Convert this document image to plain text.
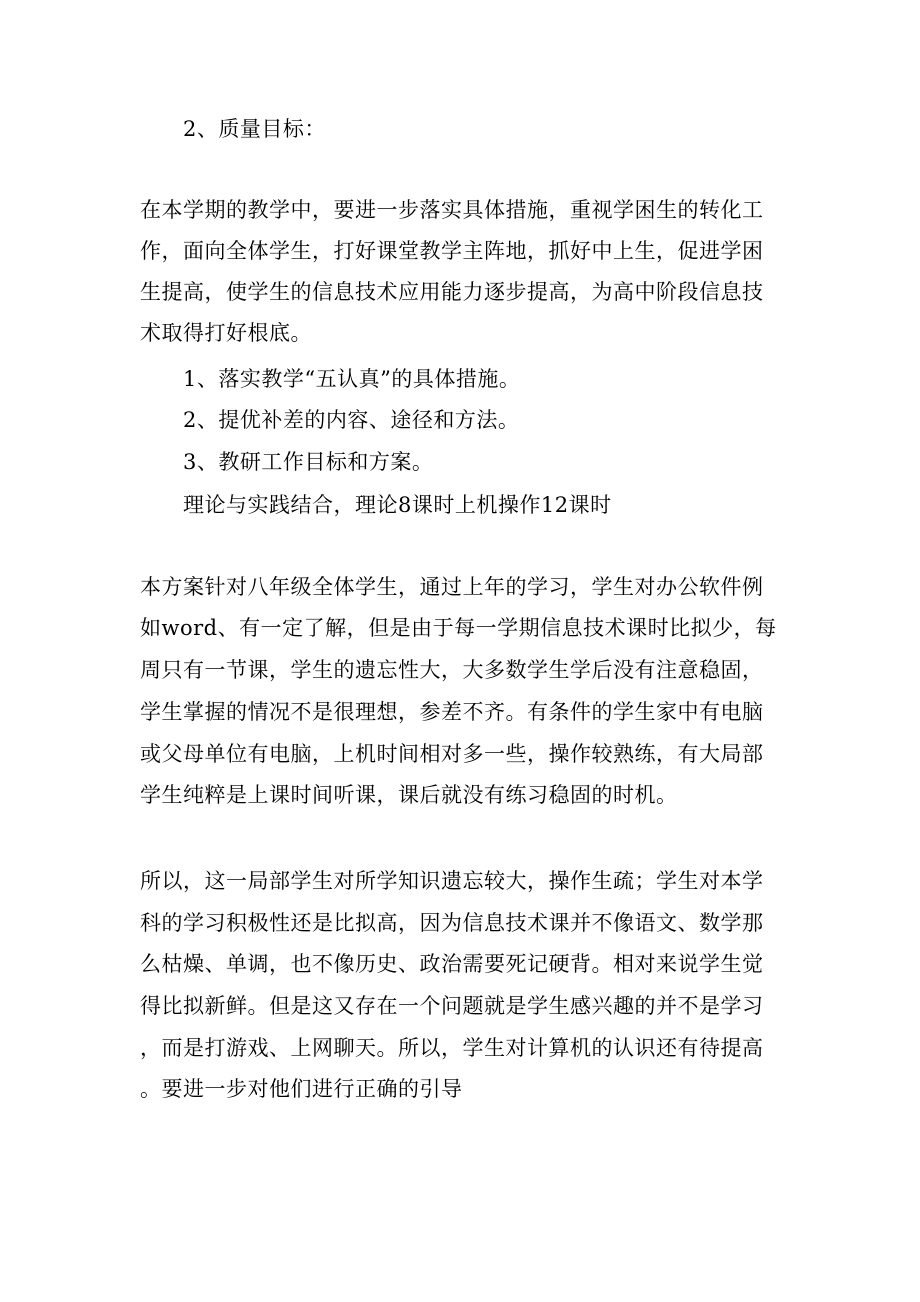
2、质量目标：
在本学期的教学中，要进一步落实具体措施，重视学困生的转化工
作，面向全体学生，打好课堂教学主阵地，抓好中上生，促进学困
生提高，使学生的信息技术应用能力逐步提高，为高中阶段信息技
术取得打好根底。
1、落实教学“五认真”的具体措施。
2、提优补差的内容、途径和方法。
3、教研工作目标和方案。
理论与实践结合，理论8课时上机操作12课时
本方案针对八年级全体学生，通过上年的学习，学生对办公软件例
如word、有一定了解，但是由于每一学期信息技术课时比拟少，每
周只有一节课，学生的遗忘性大，大多数学生学后没有注意稳固，
学生掌握的情况不是很理想，参差不齐。有条件的学生家中有电脑
或父母单位有电脑，上机时间相对多一些，操作较熟练，有大局部
学生纯粹是上课时间听课，课后就没有练习稳固的时机。
所以，这一局部学生对所学知识遗忘较大，操作生疏；学生对本学
科的学习积极性还是比拟高，因为信息技术课并不像语文、数学那
么枯燥、单调，也不像历史、政治需要死记硬背。相对来说学生觉
得比拟新鲜。但是这又存在一个问题就是学生感兴趣的并不是学习
，而是打游戏、上网聊天。所以，学生对计算机的认识还有待提高
。要进一步对他们进行正确的引导
